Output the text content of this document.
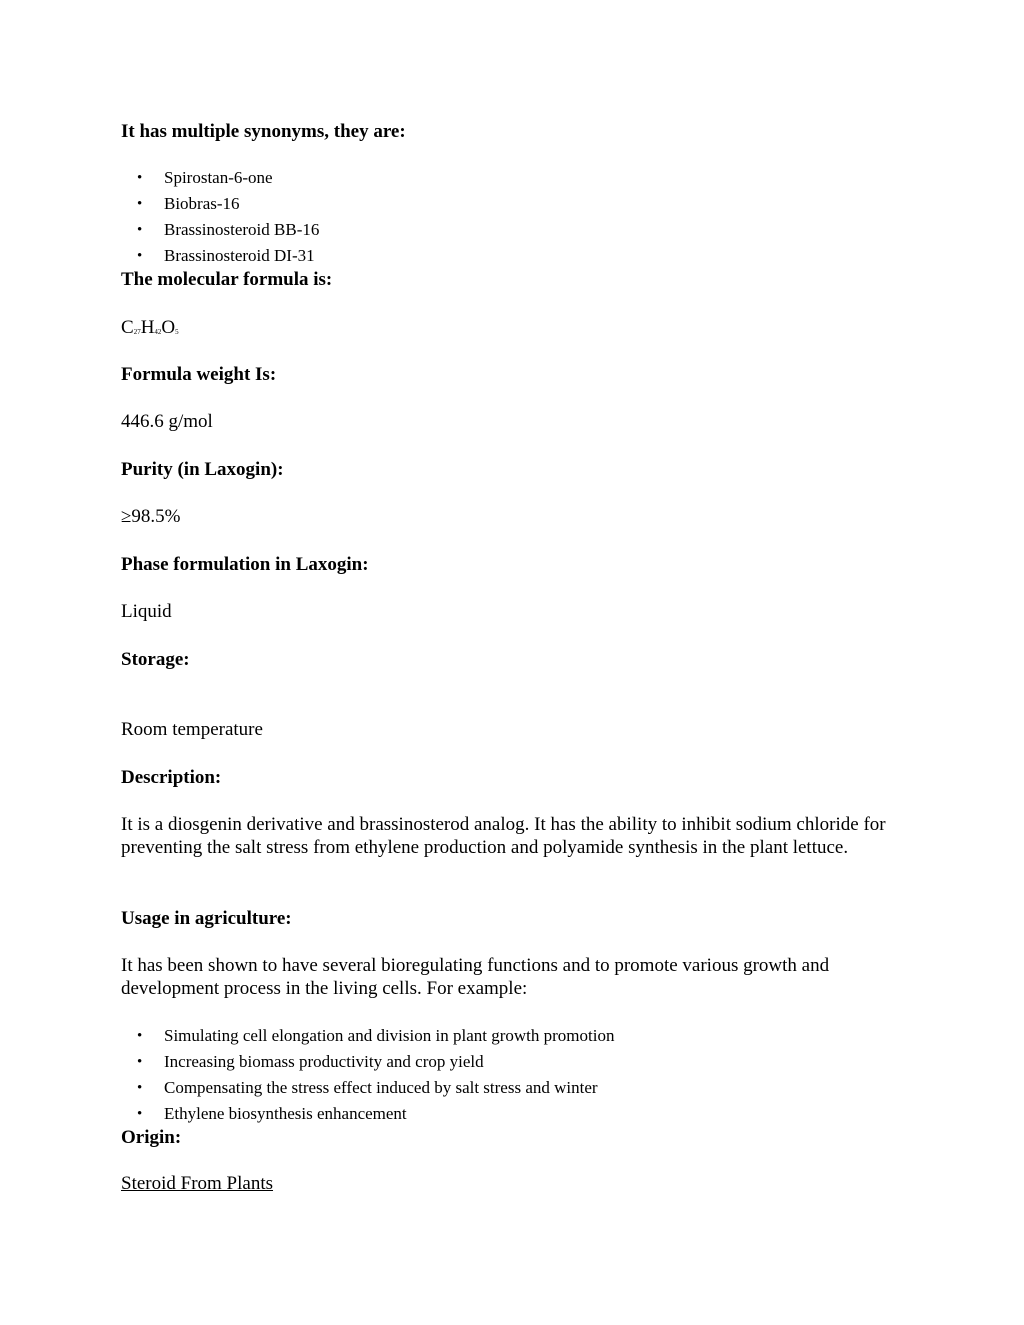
It has multiple synonyms, they are:

• Spirostan-6-one
• Biobras-16
• Brassinosteroid BB-16
• Brassinosteroid DI-31

The molecular formula is:

$C_{27}H_{42}O_5$

Formula weight Is:

446.6 g/mol

Purity (in Laxogin):

≥98.5%

Phase formulation in Laxogin:

Liquid

Storage:

Room temperature

Description:

It is a diosgenin derivative and brassinosterod analog. It has the ability to inhibit sodium chloride for preventing the salt stress from ethylene production and polyamide synthesis in the plant lettuce.

Usage in agriculture:

It has been shown to have several bioregulating functions and to promote various growth and development process in the living cells. For example:

• Simulating cell elongation and division in plant growth promotion
• Increasing biomass productivity and crop yield
• Compensating the stress effect induced by salt stress and winter
• Ethylene biosynthesis enhancement

Origin:

Steroid From Plants
